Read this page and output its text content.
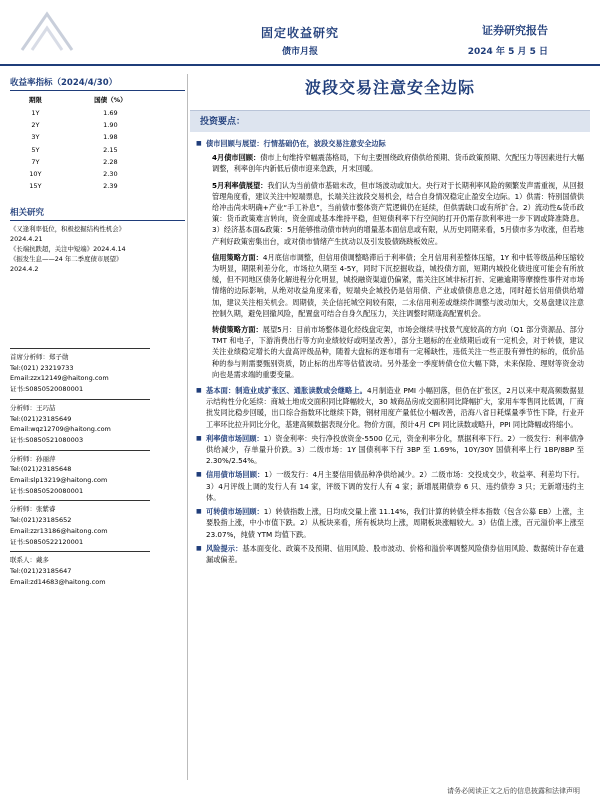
固定收益研究
债市月报
证券研究报告
2024 年 5 月 5 日
收益率指标（2024/4/30）
期限	国债（%）
1Y	1.69
2Y	1.90
3Y	1.98
5Y	2.15
7Y	2.28
10Y	2.30
15Y	2.39
相关研究
《又逢利率低位，积极挖掘结构性机会》
2024.4.21
《长端抗跌超，关注中短端》2024.4.14
《振发生息——24 年二季度债市展望》
2024.4.2
首席分析师：郑子勋
Tel:(021) 23219733
Email:zzx12149@haitong.com
证书:S0850520080001
分析师：王巧喆
Tel:(021)23185649
Email:wqz12709@haitong.com
证书:S0850521080003
分析师：孙丽萍
Tel:(021)23185648
Email:slp13219@haitong.com
证书:S0850520080001
分析师：张紫睿
Tel:(021)23185652
Email:zzr13186@haitong.com
证书:S0850522120001
联系人：戴多
Tel:(021)23185647
Email:zd14683@haitong.com
波段交易注意安全边际
投资要点：
■ 债市回顾与展望：行情基础仍在，波段交易注意安全边际
4月债市回顾：债市上旬维持窄幅震荡格局，下旬主要围绕政府债供给预期、货币政策预期、欠配压力等因素进行大幅调整，利率创年内新低后债市迎来急跌，月末回暖。
5月利率债展望：我们认为当前债市基础未改，但市场波动或加大。央行对于长期利率风险的频繁发声需重视，从回报管理角度看，建议关注中短端票息，长端关注波段交易机会，结合自身情况稳定止盈安全边际。1）供需：特别国债供给冲击尚未明确+产业“手工补息”，当前债市整体资产荒逻辑仍在延续，但供需缺口或有所扩合。2）流动性&货币政策：货币政策难言转向，资金面或基本维持平稳，但短债利率下行空间的打开仍需存款利率进一步下调或降准降息。3）经济基本面&政策：5月能够推动债市转向的增量基本面信息或有限，从历史同期来看，5月债市多为收涨，但若地产利好政策密集出台，或对债市情绪产生扰动以及引发股债跷跷板效应。
信用策略方面：4月底信市调整，但信用债调整略滞后于利率债；全月信用利差整体压缩，1Y 和中低等级品种压缩较为明显，期限利差分化，市场拉久期至 4-5Y，同时下沉挖掘收益，城投债方面，短期内城投化债进度可能会有所放缓，但不同地区债务化解进程分化明显，城投融资渠道仍偏紧，需关注区域非标打折、定融逾期等摩擦性事件对市场情绪的边际影响，从绝对收益角度来看，短端央企城投仍是信用债、产业或债债息息之选，同时超长信用债供给增加，建议关注相关机会。周期债，关企信托城空间较有限，二永信用利差或继续作调整与波动加大，交易盘建议注意控制久期，避免回撤风险，配置盘可结合自身久配压力，关注调整时期逢高配置机会。
转债策略方面：展望5月：目前市场整体退化经线盘定架，市场会继续寻找景气度较高的方向（Q1 部分资源品、部分 TMT 和电子，下游消费出行等方向业绩较好或明显改善），部分主题标的在业绩期后或有一定机会，对于转债，建议关注业绩稳定增长的大盘高评级品种，随着大盘标的逐布增有一定稀缺性，违低关注一些正股有弹性的标的，低价品种的参与则需要甄别资质，防止标的出库等估值波动。另外基金一季度转债仓位大幅下降，未来保险、理财等资金动向也是需求端的重要变量。
■ 基本面：制造业成扩张区、通胀读数或会继略上。4月制造业 PMI 小幅回落，但仍在扩张区，2月以来中观高频数据显示结构性分化延续：商城土地成交面积同比降幅较大，30 城商品房成交面积同比降幅扩大，家用车零售同比低调，厂商批发同比稳步回暖，出口综合指数环比继续下降，钢材用度产量低位小幅改善，沿海八省日耗煤量季节性下降，行业开工率环比拉升同比分化，基建高频数据表现分化。物价方面，预计4月 CPI 同比读数或略升，PPI 同比降幅或将缩小。
■ 利率债市场回顾：1）资金利率：央行净投放资金-5500 亿元，资金利率分化，票据利率下行。2）一级发行：利率债净供给减少，存单量升价跌。3）二级市场：1Y 国债利率下行 3BP 至 1.69%，10Y/30Y 国债利率上行 1BP/8BP 至 2.30%/2.54%。
■ 信用债市场回顾：1）一级发行：4月主要信用债品种净供给减少。2）二级市场：交投成交少，收益率、利差均下行。3）4月评级上调的发行人有 14 家，评级下调的发行人有 4 家；新增展期债券 6 只、违约债券 3 只；无新增违约主体。
■ 可转债市场回顾：1）转债指数上涨，日均成交量上涨 11.14%，我们计算的转债全样本指数（包含公募 EB）上涨，主要股指上涨，中小市值下跌。2）从板块来看，所有板块均上涨，周期板块涨幅较大。3）估值上涨，百元溢价率上涨至 23.07%，纯债 YTM 均值下跌。
■ 风险提示：基本面变化、政策不及预期、信用风险、股市波动、价格和溢价率调整风险债券信用风险、数据统计存在遗漏或偏差。
请务必阅读正文之后的信息披露和法律声明
